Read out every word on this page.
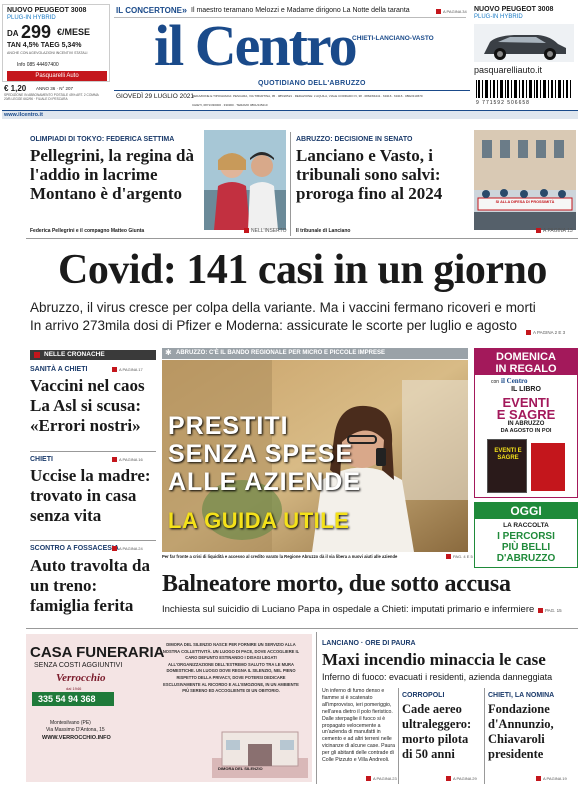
NUOVO PEUGEOT 3008
PLUG-IN HYBRID
DA 299 €/MESE
TAN 4,5% TAEG 5,34%
ANCHE CON AGEVOLAZIONI INCENTIVI STATALI
Info 085 44497400
Pasquarelli Auto
€ 1,20 ANNO 36 · N° 207
SPEDIZIONE IN ABBONAMENTO POSTALE 45% ART. 2 COMMA 20/B LEGGE 662/96 · FILIALE DI PESCARA
IL CONCERTONE » Il maestro teramano Melozzi e Madame dirigono La Notte della taranta	A PAGINA 34
il Centro
CHIETI-LANCIANO-VASTO
QUOTIDIANO DELL'ABRUZZO
GIOVEDÌ 29 LUGLIO 2021
REDAZIONE E TIPOGRAFIA: PESCARA, VIA TIBURTINA, 95 · 085/20521 · REDAZIONE: L'AQUILA, VIALE CORRADO IV, 38 · 0862/84441 · 63416 · 63416 · 0862/410670
CHIETI, 0871/330000 · 330300 · TERAMO 0861/245210
NUOVO PEUGEOT 3008
PLUG-IN HYBRID
pasquarelliauto.it
9 771592 506658
www.ilcentro.it
OLIMPIADI DI TOKYO: FEDERICA SETTIMA
Pellegrini, la regina dà l'addio in lacrime Montano è d'argento
Federica Pellegrini e il compagno Matteo Giunta	NELL'INSERTO
ABRUZZO: DECISIONE IN SENATO
Lanciano e Vasto, i tribunali sono salvi: proroga fino al 2024	SI ALLA DIFESA DI PROSSIMITÀ
Il tribunale di Lanciano	A PAGINA 13
Covid: 141 casi in un giorno
Abruzzo, il virus cresce per colpa della variante. Ma i vaccini fermano ricoveri e morti
In arrivo 273mila dosi di Pfizer e Moderna: assicurate le scorte per luglio e agosto	A PAGINA 2 E 3
NELLE CRONACHE
SANITÀ A CHIETI	A PAGINA 17
Vaccini nel caos La Asl si scusa: «Errori nostri»
CHIETI	A PAGINA 16
Uccise la madre: trovato in casa senza vita
SCONTRO A FOSSACESIA A PAGINA 24
Auto travolta da un treno: famiglia ferita
✱ ABRUZZO: C'È IL BANDO REGIONALE PER MICRO E PICCOLE IMPRESE
PRESTITI
SENZA SPESE
ALLE AZIENDE
LA GUIDA UTILE
Per far fronte a crisi di liquidità e accesso al credito varato la Regione Abruzzo dà il via libera a nuovi aiuti alle aziende	PAG. 4 E 5
DOMENICA
IN REGALO
con il Centro
IL LIBRO
EVENTI
E SAGRE
IN ABRUZZO
DA AGOSTO IN POI
EVENTI E SAGRE
OGGI
LA RACCOLTA
I PERCORSI
PIÙ BELLI
D'ABRUZZO
Balneatore morto, due sotto accusa
Inchiesta sul suicidio di Luciano Papa in ospedale a Chieti: imputati primario e infermiere	PAG. 15
CASA FUNERARIA
SENZA COSTI AGGIUNTIVI
Verrocchio
dal 1946
335 54 94 368
Montesilvano (PE)
Via Massimo D'Antona, 15
WWW.VERROCCHIO.INFO
DIMORA DEL SILENZIO NASCE PER FORNIRE UN SERVIZIO ALLA NOSTRA COLLETTIVITÀ. UN LUOGO DI PACE, DOVE ACCOGLIERE IL CARO DEFUNTO ESTINANDO I DISAGI LEGATI ALL'ORGANIZZAZIONE DELL'ESTREMO SALUTO TRA LE MURA DOMESTICHE. UN LUOGO DOVE REGNA IL SILENZIO, NEL PIENO RISPETTO DELLA PRIVACY, DOVE POTERSI DEDICARE ESCLUSIVAMENTE AL RICORDO E ALL'EMOZIONE, IN UN AMBIENTE PIÙ SERENO ED ACCOGLIENTE DI UN OBITORIO.
DIMORA DEL SILENZIO
LANCIANO · ORE DI PAURA
Maxi incendio minaccia le case
Inferno di fuoco: evacuati i residenti, azienda danneggiata
Un inferno di fumo denso e fiamme si è scatenato all'improvviso, ieri pomeriggio, nell'area dietro il polo fieristico. Dalle sterpaglie il fuoco si è propagato velocemente a un'azienda di manufatti in cemento e ad altri terreni nelle vicinanze di alcune case. Paura per gli abitanti delle contrade di Colle Pizzuto e Villa Andreoli.
A PAGINA 23
CORROPOLI
Cade aereo ultraleggero: morto pilota di 50 anni
A PAGINA 29
CHIETI, LA NOMINA
Fondazione d'Annunzio, Chiavaroli presidente
A PAGINA 19
